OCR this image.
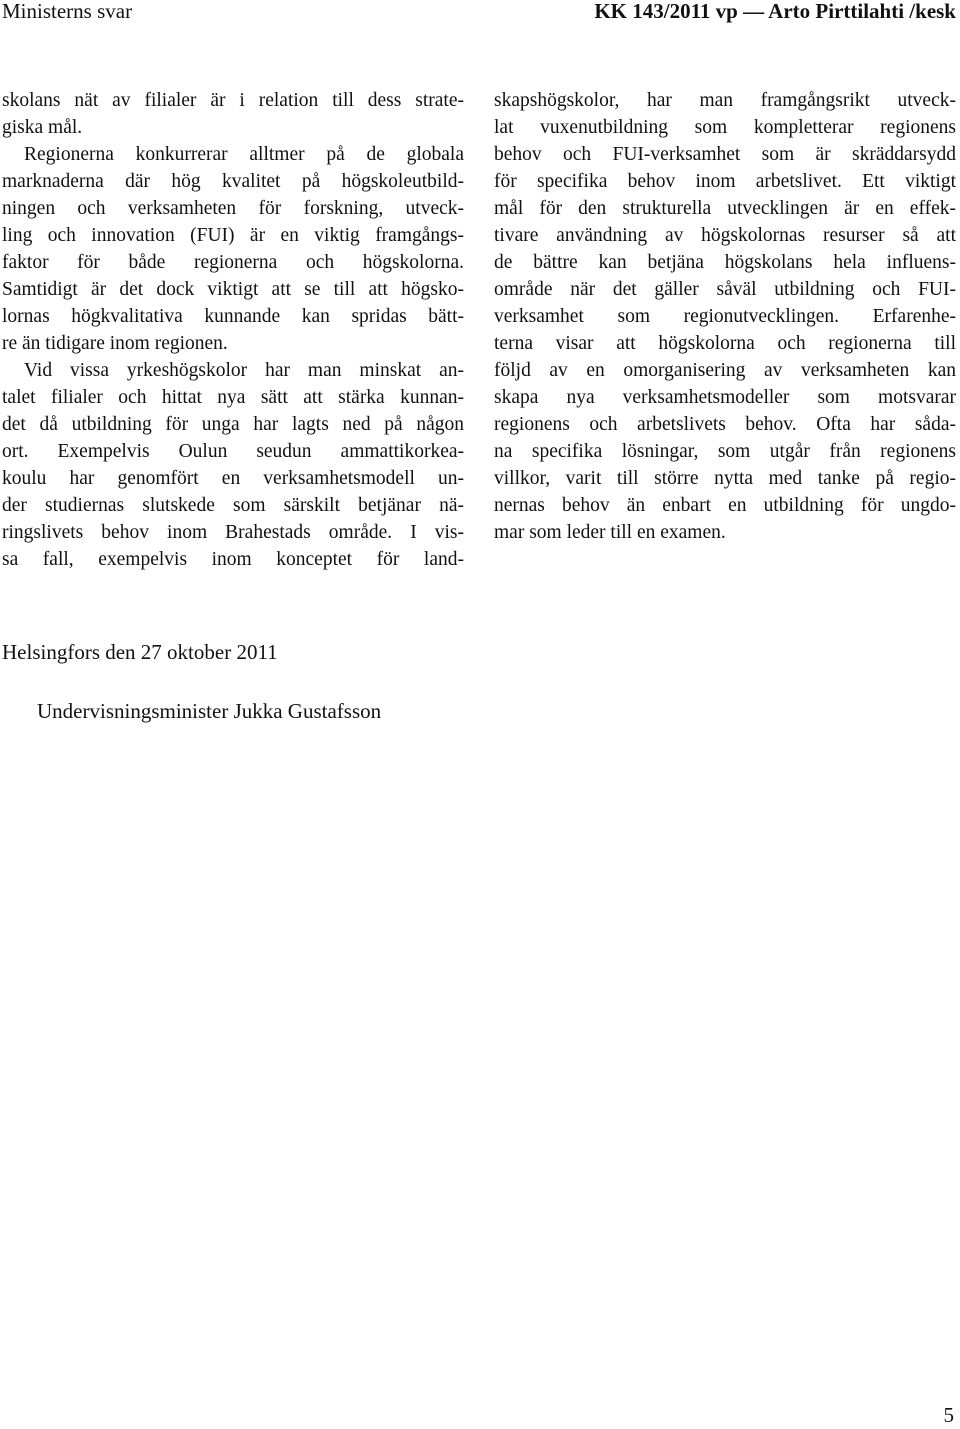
Ministerns svar	KK 143/2011 vp — Arto Pirttilahti /kesk
skolans nät av filialer är i relation till dess strate-
giska mål.
Regionerna konkurrerar alltmer på de globala
marknaderna där hög kvalitet på högskoleutbild-
ningen och verksamheten för forskning, utveck-
ling och innovation (FUI) är en viktig framgångs-
faktor för både regionerna och högskolorna.
Samtidigt är det dock viktigt att se till att högsko-
lornas högkvalitativa kunnande kan spridas bätt-
re än tidigare inom regionen.
Vid vissa yrkeshögskolor har man minskat an-
talet filialer och hittat nya sätt att stärka kunnan-
det då utbildning för unga har lagts ned på någon
ort. Exempelvis Oulun seudun ammattikorkea-
koulu har genomfört en verksamhetsmodell un-
der studiernas slutskede som särskilt betjänar nä-
ringslivets behov inom Brahestads område. I vis-
sa fall, exempelvis inom konceptet för land-
skapshögskolor, har man framgångsrikt utveck-
lat vuxenutbildning som kompletterar regionens
behov och FUI-verksamhet som är skräddarsydd
för specifika behov inom arbetslivet. Ett viktigt
mål för den strukturella utvecklingen är en effek-
tivare användning av högskolornas resurser så att
de bättre kan betjäna högskolans hela influens-
område när det gäller såväl utbildning och FUI-
verksamhet som regionutvecklingen. Erfarenhe-
terna visar att högskolorna och regionerna till
följd av en omorganisering av verksamheten kan
skapa nya verksamhetsmodeller som motsvarar
regionens och arbetslivets behov. Ofta har såda-
na specifika lösningar, som utgår från regionens
villkor, varit till större nytta med tanke på regio-
nernas behov än enbart en utbildning för ungdo-
mar som leder till en examen.
Helsingfors den 27 oktober 2011
Undervisningsminister Jukka Gustafsson
5
